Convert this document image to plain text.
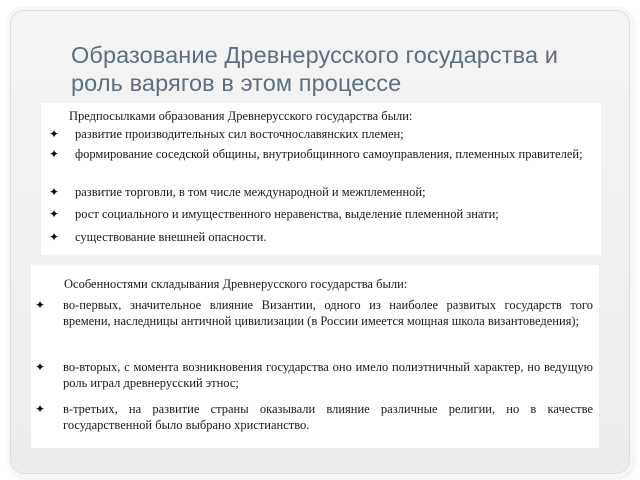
Образование Древнерусского государства и роль варягов в этом процессе
Предпосылками образования Древнерусского государства были:
✦ развитие производительных сил восточнославянских племен;
✦ формирование соседской общины, внутриобщинного самоуправления, племенных правителей;
✦ развитие торговли, в том числе международной и межплеменной;
✦ рост социального и имущественного неравенства, выделение племенной знати;
✦ существование внешней опасности.
Особенностями складывания Древнерусского государства были:
✦ во-первых, значительное влияние Византии, одного из наиболее развитых государств того времени, наследницы античной цивилизации (в России имеется мощная школа византоведения);
✦ во-вторых, с момента возникновения государства оно имело полиэтничный характер, но ведущую роль играл древнерусский этнос;
✦ в-третьих, на развитие страны оказывали влияние различные религии, но в качестве государственной было выбрано христианство.
